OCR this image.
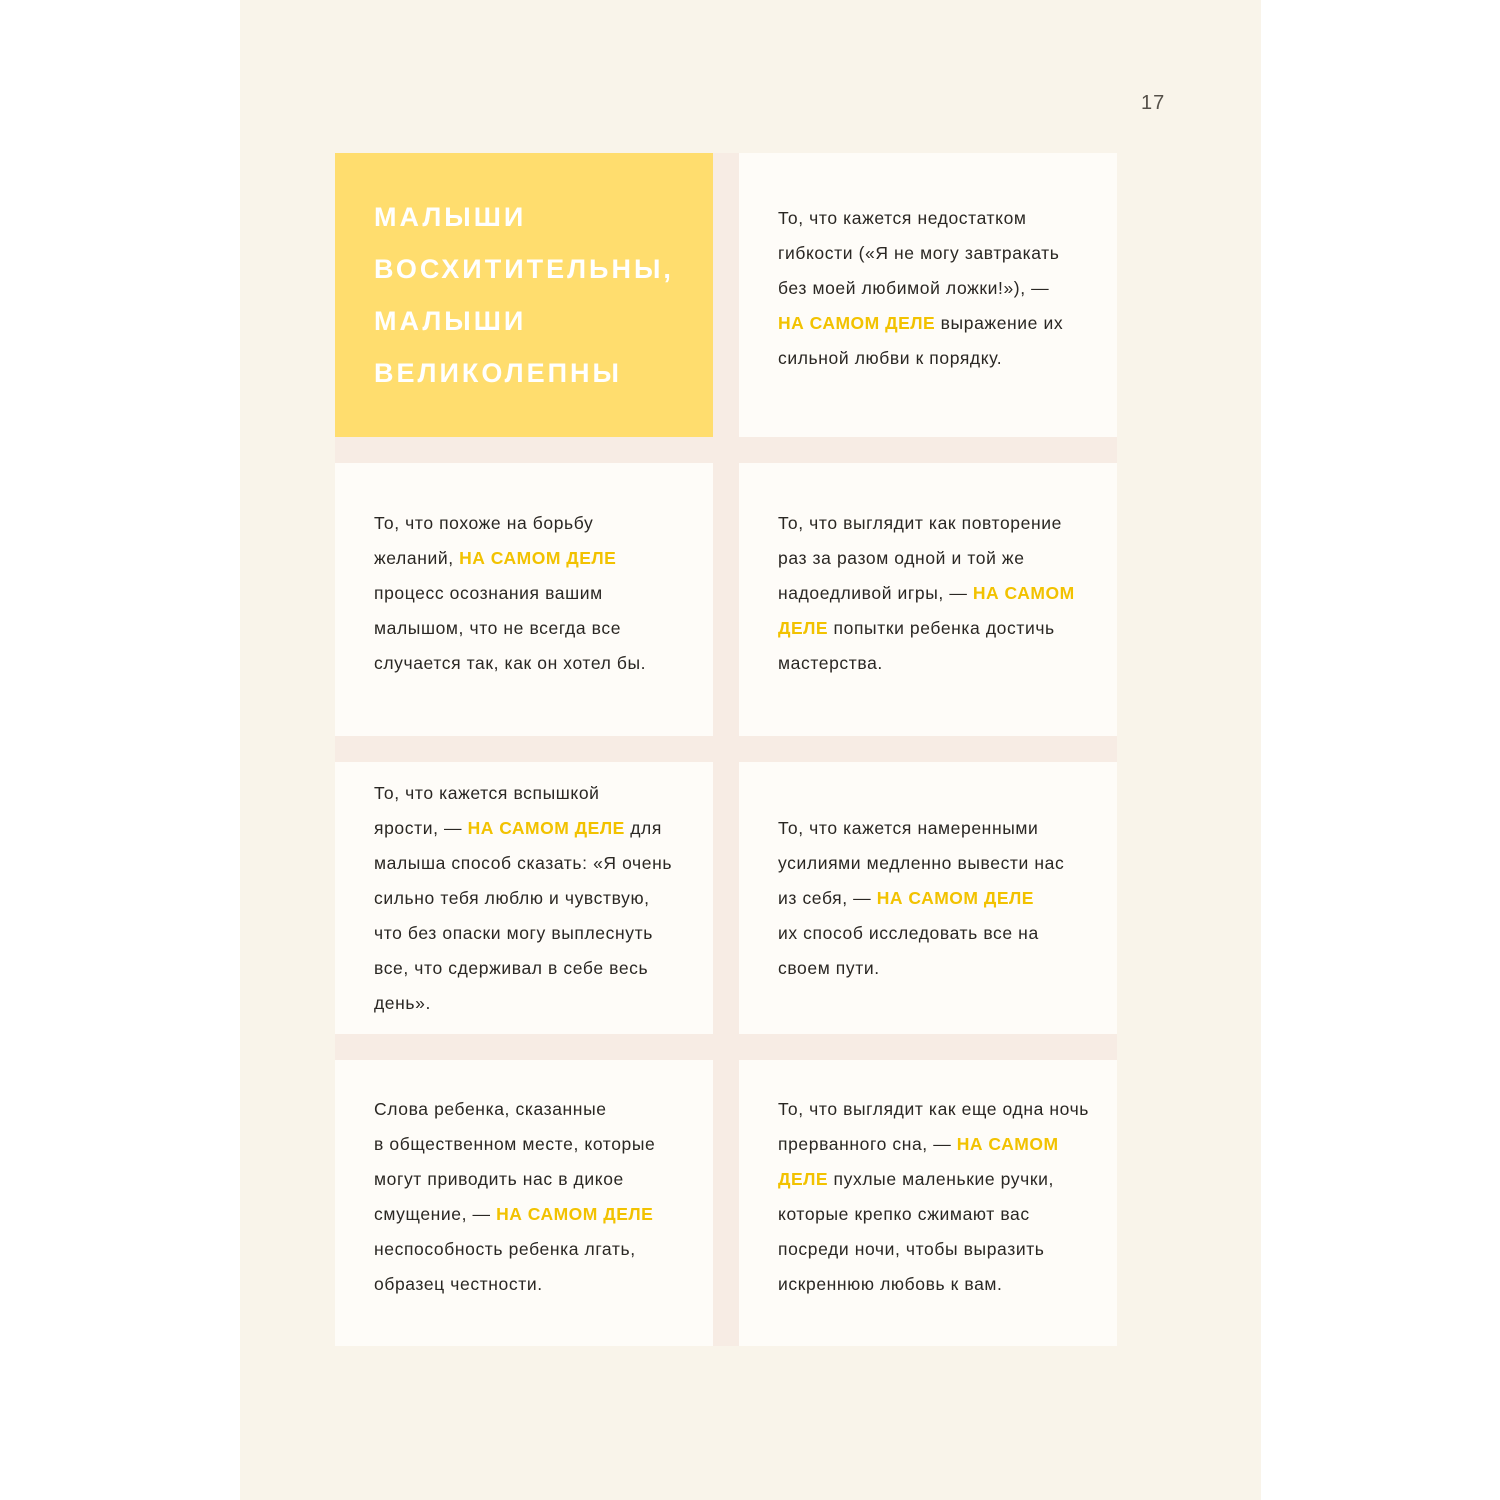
17

МАЛЫШИ
ВОСХИТИТЕЛЬНЫ,
МАЛЫШИ
ВЕЛИКОЛЕПНЫ

То, что кажется недостатком
гибкости («Я не могу завтракать
без моей любимой ложки!»), —
НА САМОМ ДЕЛЕ выражение их
сильной любви к порядку.

То, что похоже на борьбу
желаний, НА САМОМ ДЕЛЕ
процесс осознания вашим
малышом, что не всегда все
случается так, как он хотел бы.

То, что выглядит как повторение
раз за разом одной и той же
надоедливой игры, — НА САМОМ
ДЕЛЕ попытки ребенка достичь
мастерства.

То, что кажется вспышкой
ярости, — НА САМОМ ДЕЛЕ для
малыша способ сказать: «Я очень
сильно тебя люблю и чувствую,
что без опаски могу выплеснуть
все, что сдерживал в себе весь
день».

То, что кажется намеренными
усилиями медленно вывести нас
из себя, — НА САМОМ ДЕЛЕ
их способ исследовать все на
своем пути.

Слова ребенка, сказанные
в общественном месте, которые
могут приводить нас в дикое
смущение, — НА САМОМ ДЕЛЕ
неспособность ребенка лгать,
образец честности.

То, что выглядит как еще одна ночь
прерванного сна, — НА САМОМ
ДЕЛЕ пухлые маленькие ручки,
которые крепко сжимают вас
посреди ночи, чтобы выразить
искреннюю любовь к вам.
